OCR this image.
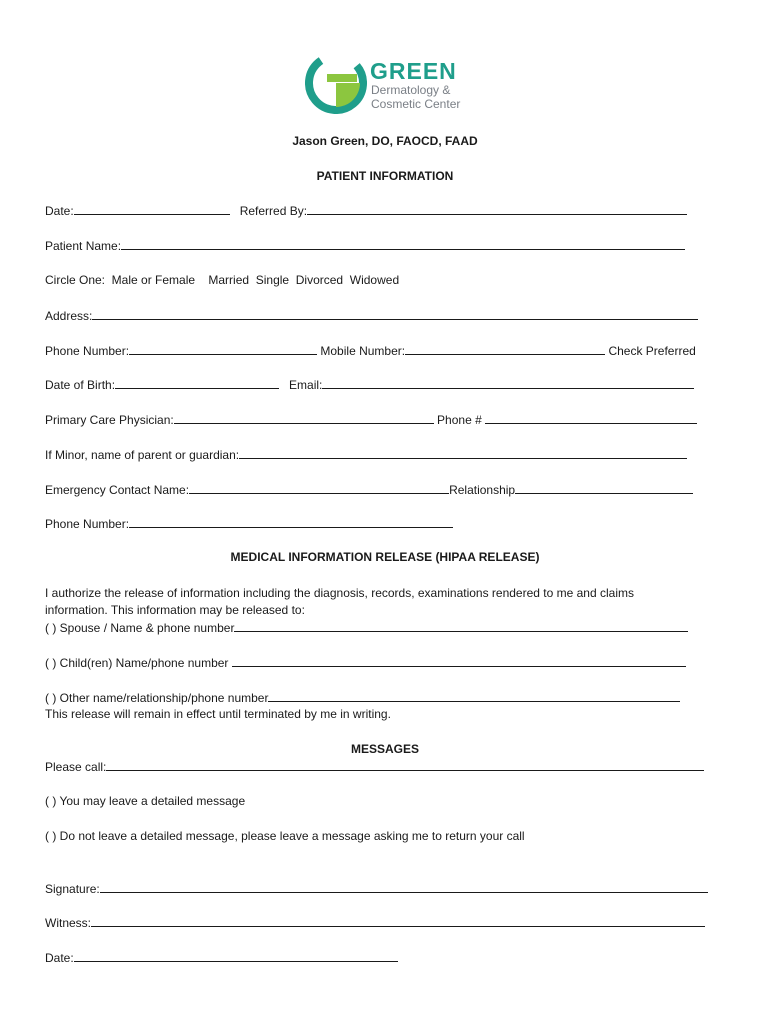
GREEN
Dermatology &
Cosmetic Center
Jason Green, DO, FAOCD, FAAD
PATIENT INFORMATION
Date:	Referred By:
Patient Name:
Circle One:  Male or Female    Married  Single  Divorced  Widowed
Address:
Phone Number:	Mobile Number:	Check Preferred
Date of Birth:	Email:
Primary Care Physician:	Phone #
If Minor, name of parent or guardian:
Emergency Contact Name:	Relationship
Phone Number:
MEDICAL INFORMATION RELEASE (HIPAA RELEASE)
I authorize the release of information including the diagnosis, records, examinations rendered to me and claims
information. This information may be released to:
( ) Spouse / Name & phone number
( ) Child(ren) Name/phone number
( ) Other name/relationship/phone number
This release will remain in effect until terminated by me in writing.
MESSAGES
Please call:
( ) You may leave a detailed message
( ) Do not leave a detailed message, please leave a message asking me to return your call
Signature:
Witness:
Date:
